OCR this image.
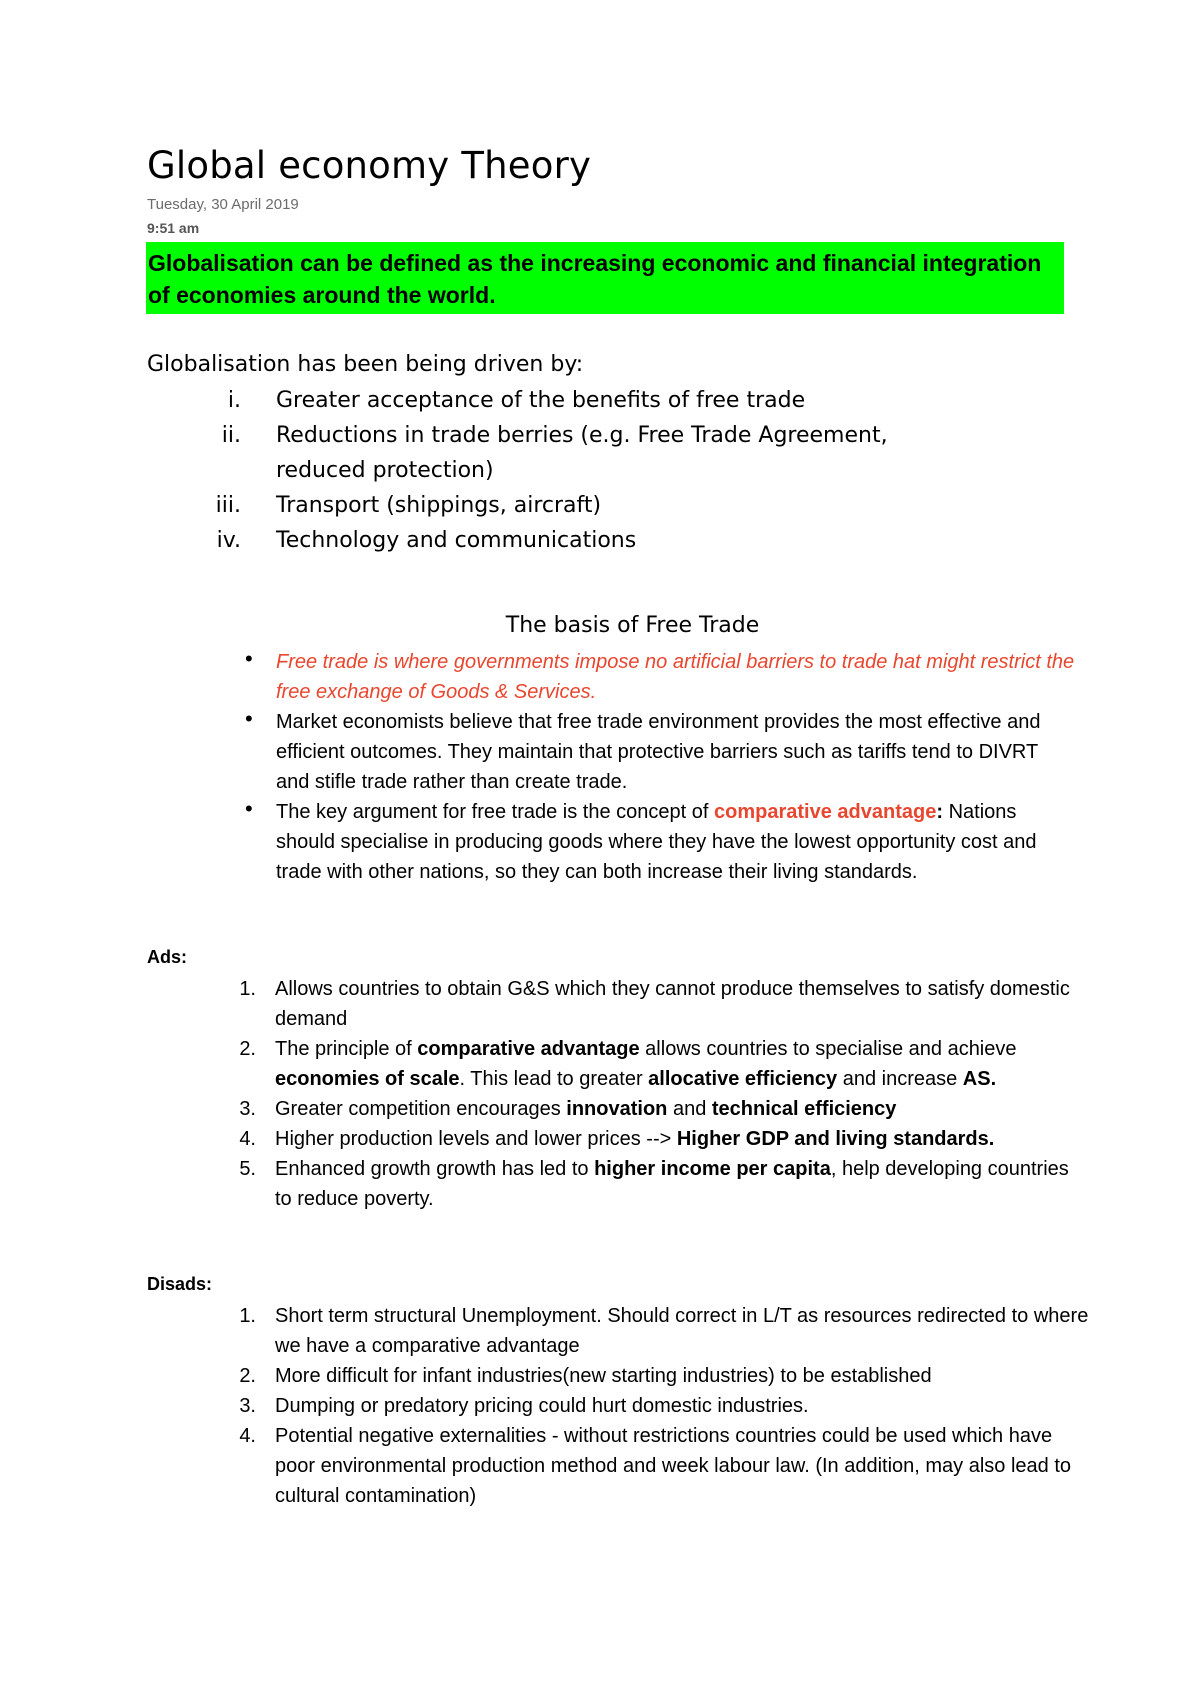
Global economy Theory
Tuesday, 30 April 2019
9:51 am
Globalisation can be defined as the increasing economic and financial integration of economies around the world.
Globalisation has been being driven by:
i. Greater acceptance of the benefits of free trade
ii. Reductions in trade berries (e.g. Free Trade Agreement, reduced protection)
iii. Transport (shippings, aircraft)
iv. Technology and communications
The basis of Free Trade
• Free trade is where governments impose no artificial barriers to trade hat might restrict the free exchange of Goods & Services.
• Market economists believe that free trade environment provides the most effective and efficient outcomes. They maintain that protective barriers such as tariffs tend to DIVRT and stifle trade rather than create trade.
• The key argument for free trade is the concept of comparative advantage: Nations should specialise in producing goods where they have the lowest opportunity cost and trade with other nations, so they can both increase their living standards.
Ads:
1. Allows countries to obtain G&S which they cannot produce themselves to satisfy domestic demand
2. The principle of comparative advantage allows countries to specialise and achieve economies of scale. This lead to greater allocative efficiency and increase AS.
3. Greater competition encourages innovation and technical efficiency
4. Higher production levels and lower prices --> Higher GDP and living standards.
5. Enhanced growth growth has led to higher income per capita, help developing countries to reduce poverty.
Disads:
1. Short term structural Unemployment. Should correct in L/T as resources redirected to where we have a comparative advantage
2. More difficult for infant industries(new starting industries) to be established
3. Dumping or predatory pricing could hurt domestic industries.
4. Potential negative externalities - without restrictions countries could be used which have poor environmental production method and week labour law. (In addition, may also lead to cultural contamination)
